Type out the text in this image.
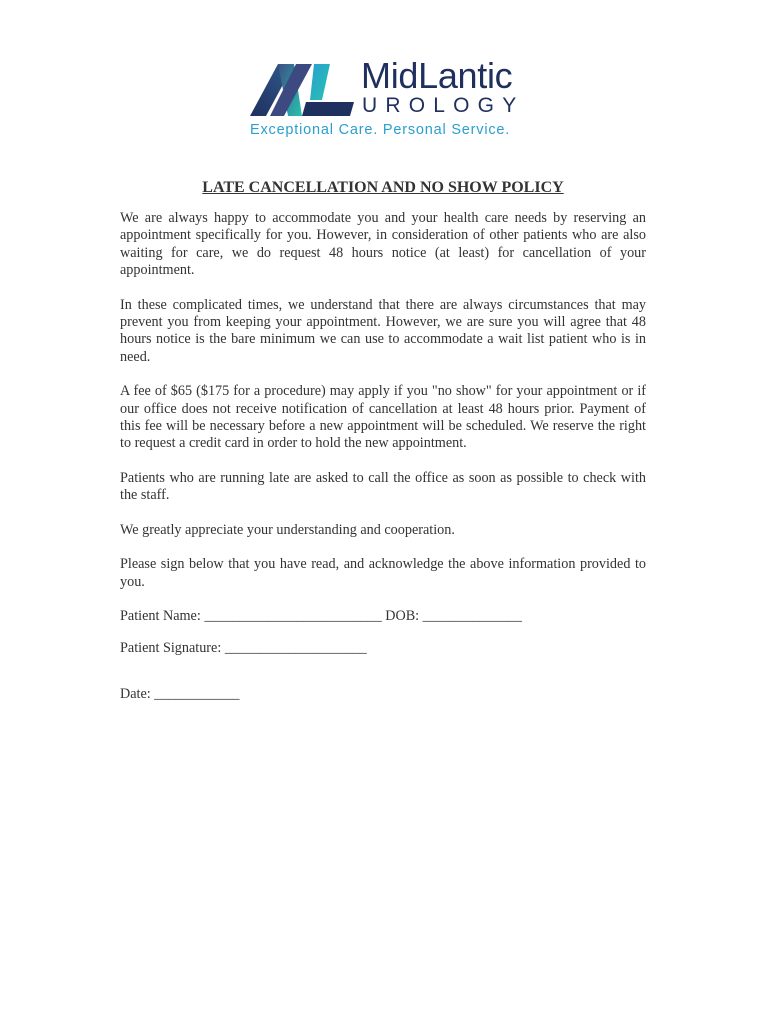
MidLantic
UROLOGY
Exceptional Care. Personal Service.
LATE CANCELLATION AND NO SHOW POLICY

We are always happy to accommodate you and your health care needs by reserving an appointment specifically for you. However, in consideration of other patients who are also waiting for care, we do request 48 hours notice (at least) for cancellation of your appointment.

In these complicated times, we understand that there are always circumstances that may prevent you from keeping your appointment. However, we are sure you will agree that 48 hours notice is the bare minimum we can use to accommodate a wait list patient who is in need.

A fee of $65 ($175 for a procedure) may apply if you "no show" for your appointment or if our office does not receive notification of cancellation at least 48 hours prior. Payment of this fee will be necessary before a new appointment will be scheduled. We reserve the right to request a credit card in order to hold the new appointment.

Patients who are running late are asked to call the office as soon as possible to check with the staff.

We greatly appreciate your understanding and cooperation.

Please sign below that you have read, and acknowledge the above information provided to you.

Patient Name: _________________________ DOB: ______________
Patient Signature: ____________________
Date: ____________
